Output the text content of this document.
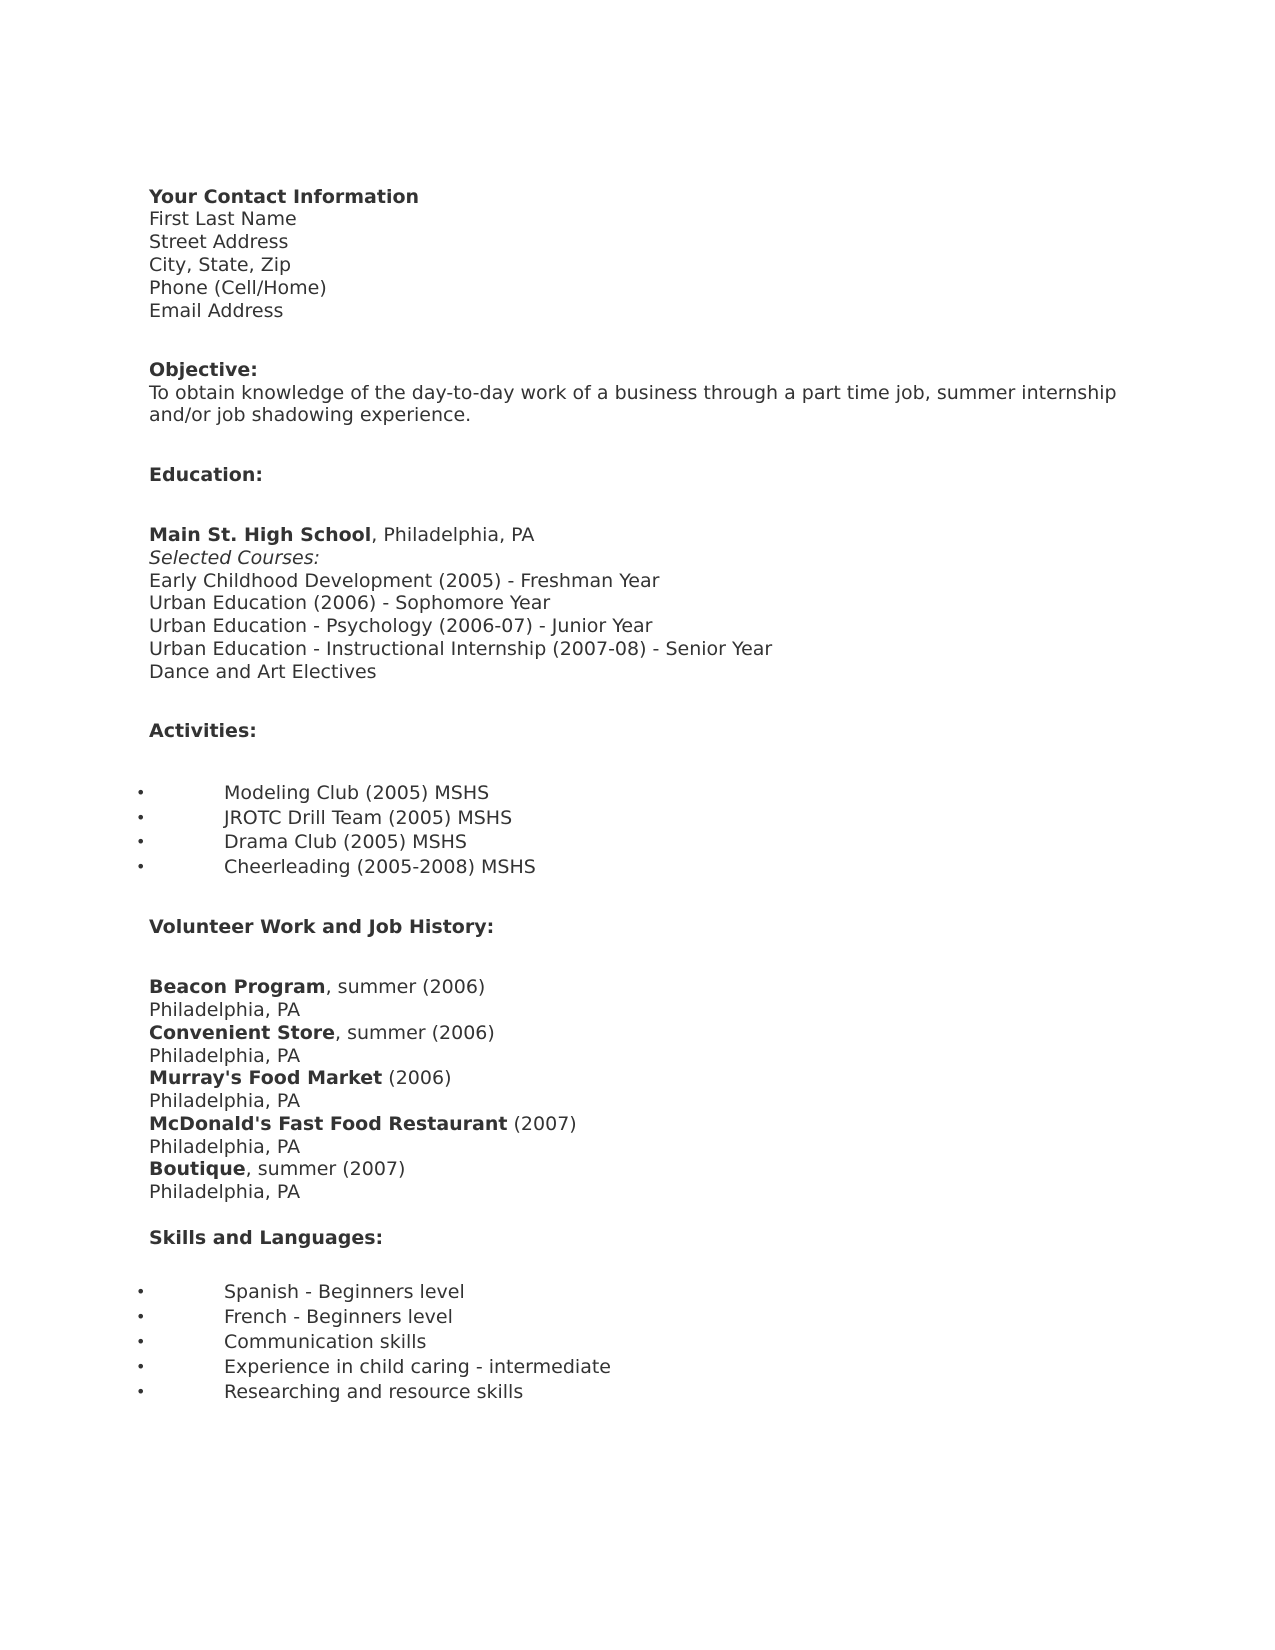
Your Contact Information
First Last Name
Street Address
City, State, Zip
Phone (Cell/Home)
Email Address
Objective:
To obtain knowledge of the day-to-day work of a business through a part time job, summer internship
and/or job shadowing experience.
Education:
Main St. High School, Philadelphia, PA
Selected Courses:
Early Childhood Development (2005) - Freshman Year
Urban Education (2006) - Sophomore Year
Urban Education - Psychology (2006-07) - Junior Year
Urban Education - Instructional Internship (2007-08) - Senior Year
Dance and Art Electives
Activities:
•	Modeling Club (2005) MSHS
•	JROTC Drill Team (2005) MSHS
•	Drama Club (2005) MSHS
•	Cheerleading (2005-2008) MSHS
Volunteer Work and Job History:
Beacon Program, summer (2006)
Philadelphia, PA
Convenient Store, summer (2006)
Philadelphia, PA
Murray's Food Market (2006)
Philadelphia, PA
McDonald's Fast Food Restaurant (2007)
Philadelphia, PA
Boutique, summer (2007)
Philadelphia, PA
Skills and Languages:
•	Spanish - Beginners level
•	French - Beginners level
•	Communication skills
•	Experience in child caring - intermediate
•	Researching and resource skills
